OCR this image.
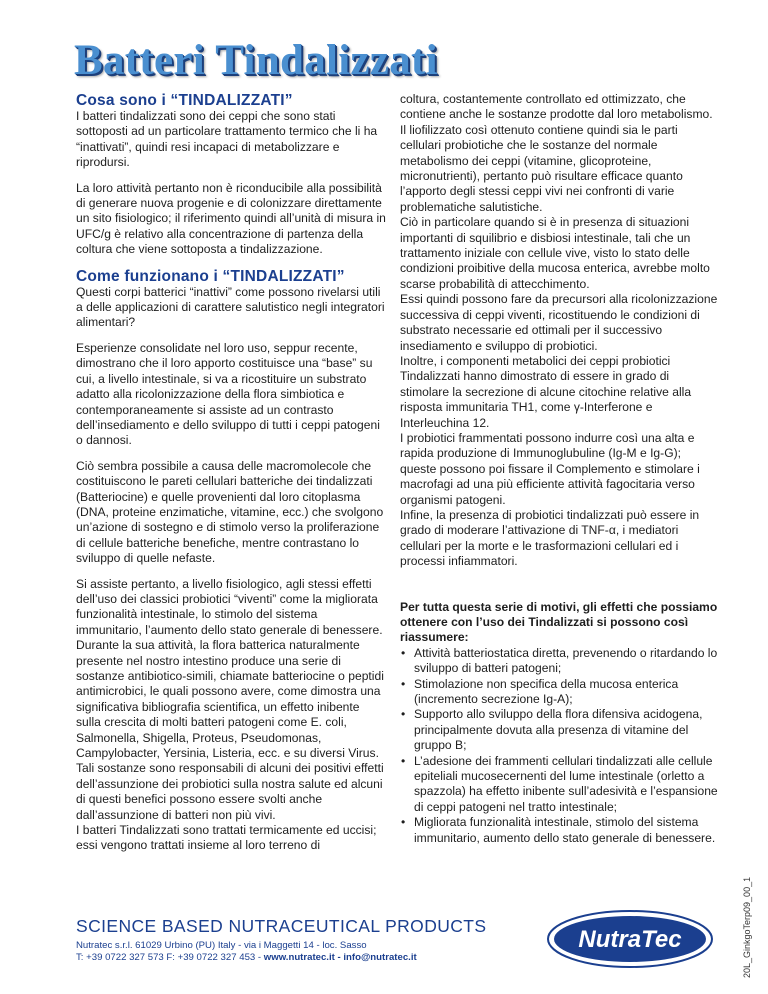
Batteri Tindalizzati
Cosa sono i “TINDALIZZATI”

I batteri tindalizzati sono dei ceppi che sono stati sottoposti ad un particolare trattamento termico che li ha “inattivati”, quindi resi incapaci di metabolizzare e riprodursi.

La loro attività pertanto non è riconducibile alla possibilità di generare nuova progenie e di colonizzare direttamente un sito fisiologico; il riferimento quindi all’unità di misura in UFC/g è relativo alla concentrazione di partenza della coltura che viene sottoposta a tindalizzazione.

Come funzionano i “TINDALIZZATI”

Questi corpi batterici “inattivi” come possono rivelarsi utili a delle applicazioni di carattere salutistico negli integratori alimentari?

Esperienze consolidate nel loro uso, seppur recente, dimostrano che il loro apporto costituisce una “base” su cui, a livello intestinale, si va a ricostituire un substrato adatto alla ricolonizzazione della flora simbiotica e contemporaneamente si assiste ad un contrasto dell’insediamento e dello sviluppo di tutti i ceppi patogeni o dannosi.

Ciò sembra possibile a causa delle macromolecole che costituiscono le pareti cellulari batteriche dei tindalizzati (Batteriocine) e quelle provenienti dal loro citoplasma (DNA, proteine enzimatiche, vitamine, ecc.) che svolgono un’azione di sostegno e di stimolo verso la proliferazione di cellule batteriche benefiche, mentre contrastano lo sviluppo di quelle nefaste.

Si assiste pertanto, a livello fisiologico, agli stessi effetti dell’uso dei classici probiotici “viventi” come la migliorata funzionalità intestinale, lo stimolo del sistema immunitario, l’aumento dello stato generale di benessere.

Durante la sua attività, la flora batterica naturalmente presente nel nostro intestino produce una serie di sostanze antibiotico-simili, chiamate batteriocine o peptidi antimicrobici, le quali possono avere, come dimostra una significativa bibliografia scientifica, un effetto inibente sulla crescita di molti batteri patogeni come E. coli, Salmonella, Shigella, Proteus, Pseudomonas, Campylobacter, Yersinia, Listeria, ecc. e su diversi Virus.

Tali sostanze sono responsabili di alcuni dei positivi effetti dell’assunzione dei probiotici sulla nostra salute ed alcuni di questi benefici possono essere svolti anche dall’assunzione di batteri non più vivi.

I batteri Tindalizzati sono trattati termicamente ed uccisi; essi vengono trattati insieme al loro terreno di

coltura, costantemente controllato ed ottimizzato, che contiene anche le sostanze prodotte dal loro metabolismo. Il liofilizzato così ottenuto contiene quindi sia le parti cellulari probiotiche che le sostanze del normale metabolismo dei ceppi (vitamine, glicoproteine, micronutrienti), pertanto può risultare efficace quanto l’apporto degli stessi ceppi vivi nei confronti di varie problematiche salutistiche.

Ciò in particolare quando si è in presenza di situazioni importanti di squilibrio e disbiosi intestinale, tali che un trattamento iniziale con cellule vive, visto lo stato delle condizioni proibitive della mucosa enterica, avrebbe molto scarse probabilità di attecchimento.

Essi quindi possono fare da precursori alla ricolonizzazione successiva di ceppi viventi, ricostituendo le condizioni di substrato necessarie ed ottimali per il successivo insediamento e sviluppo di probiotici.

Inoltre, i componenti metabolici dei ceppi probiotici Tindalizzati hanno dimostrato di essere in grado di stimolare la secrezione di alcune citochine relative alla risposta immunitaria TH1, come γ-Interferone e Interleuchina 12.

I probiotici frammentati possono indurre così una alta e rapida produzione di Immunoglubuline (Ig-M e Ig-G); queste possono poi fissare il Complemento e stimolare i macrofagi ad una più efficiente attività fagocitaria verso organismi patogeni.

Infine, la presenza di probiotici tindalizzati può essere in grado di moderare l’attivazione di TNF-α, i mediatori cellulari per la morte e le trasformazioni cellulari ed i processi infiammatori.

Per tutta questa serie di motivi, gli effetti che possiamo ottenere con l’uso dei Tindalizzati si possono così riassumere:

• Attività batteriostatica diretta, prevenendo o ritardando lo sviluppo di batteri patogeni;
• Stimolazione non specifica della mucosa enterica (incremento secrezione Ig-A);
• Supporto allo sviluppo della flora difensiva acidogena, principalmente dovuta alla presenza di vitamine del gruppo B;
• L’adesione dei frammenti cellulari tindalizzati alle cellule epiteliali mucosecernenti del lume intestinale (orletto a spazzola) ha effetto inibente sull’adesività e l’espansione di ceppi patogeni nel tratto intestinale;
• Migliorata funzionalità intestinale, stimolo del sistema immunitario, aumento dello stato generale di benessere.
SCIENCE BASED NUTRACEUTICAL PRODUCTS
Nutratec s.r.l. 61029 Urbino (PU) Italy - via i Maggetti 14 - loc. Sasso
T: +39 0722 327 573 F: +39 0722 327 453 - www.nutratec.it - info@nutratec.it
NutraTec	20L_GinkgoTerp09_00_1
